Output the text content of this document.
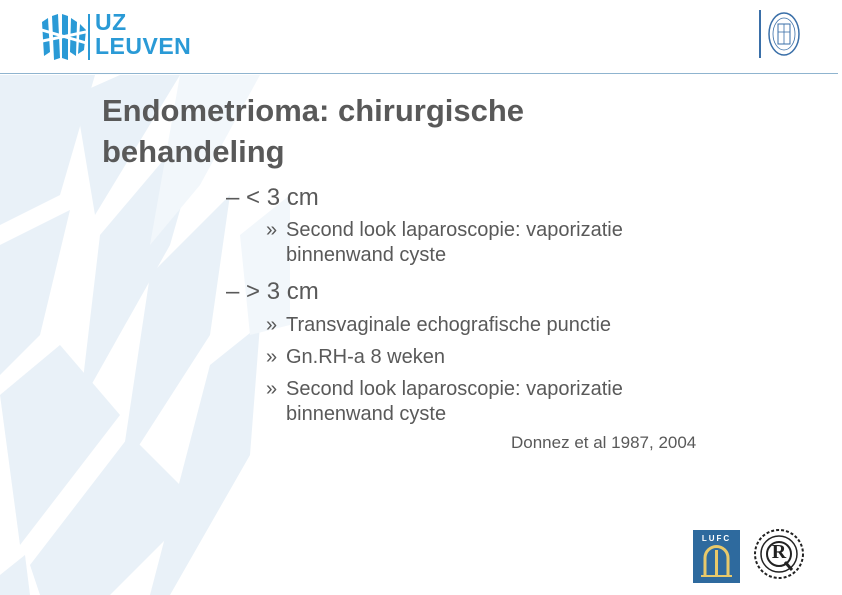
UZ
LEUVEN
Endometrioma: chirurgische
behandeling
– < 3 cm
» Second look laparoscopie: vaporizatie
binnenwand cyste
– > 3 cm
» Transvaginale echografische punctie
» Gn.RH-a 8 weken
» Second look laparoscopie: vaporizatie
binnenwand cyste
Donnez et al 1987, 2004
LUFC
R
